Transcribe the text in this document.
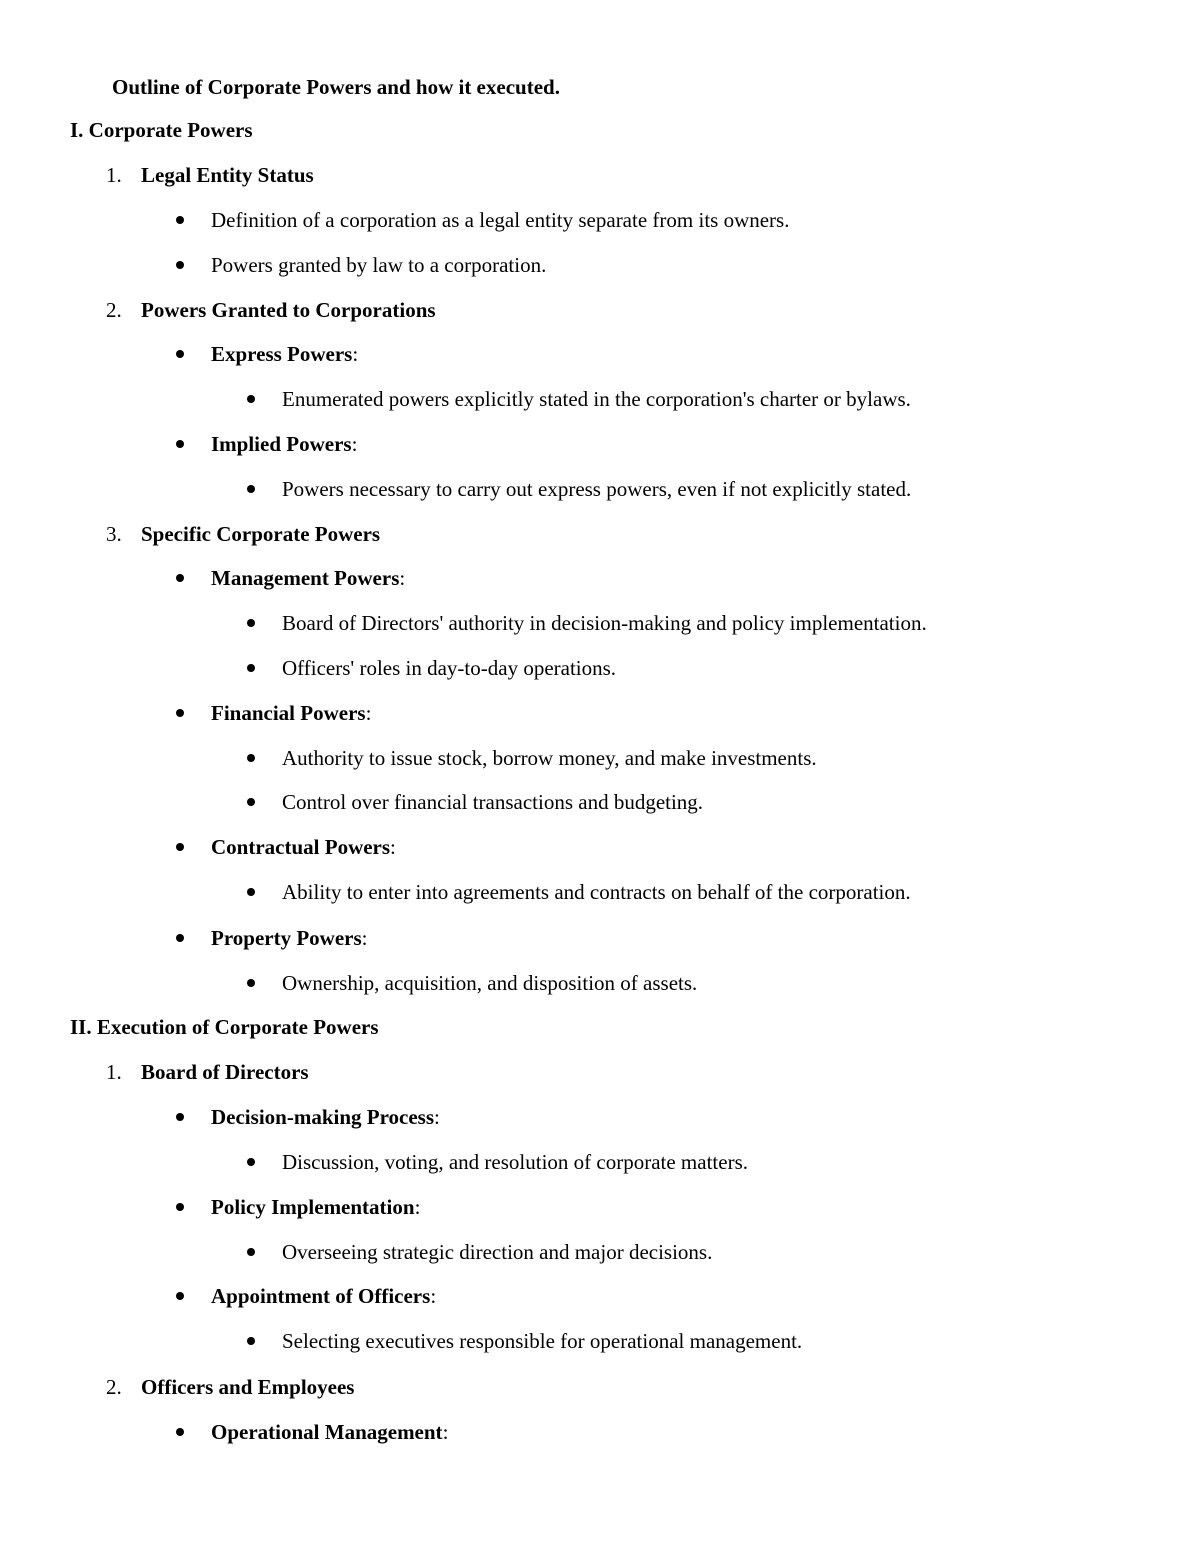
Outline of Corporate Powers and how it executed.
I. Corporate Powers
1. Legal Entity Status
Definition of a corporation as a legal entity separate from its owners.
Powers granted by law to a corporation.
2. Powers Granted to Corporations
Express Powers:
Enumerated powers explicitly stated in the corporation's charter or bylaws.
Implied Powers:
Powers necessary to carry out express powers, even if not explicitly stated.
3. Specific Corporate Powers
Management Powers:
Board of Directors' authority in decision-making and policy implementation.
Officers' roles in day-to-day operations.
Financial Powers:
Authority to issue stock, borrow money, and make investments.
Control over financial transactions and budgeting.
Contractual Powers:
Ability to enter into agreements and contracts on behalf of the corporation.
Property Powers:
Ownership, acquisition, and disposition of assets.
II. Execution of Corporate Powers
1. Board of Directors
Decision-making Process:
Discussion, voting, and resolution of corporate matters.
Policy Implementation:
Overseeing strategic direction and major decisions.
Appointment of Officers:
Selecting executives responsible for operational management.
2. Officers and Employees
Operational Management:
